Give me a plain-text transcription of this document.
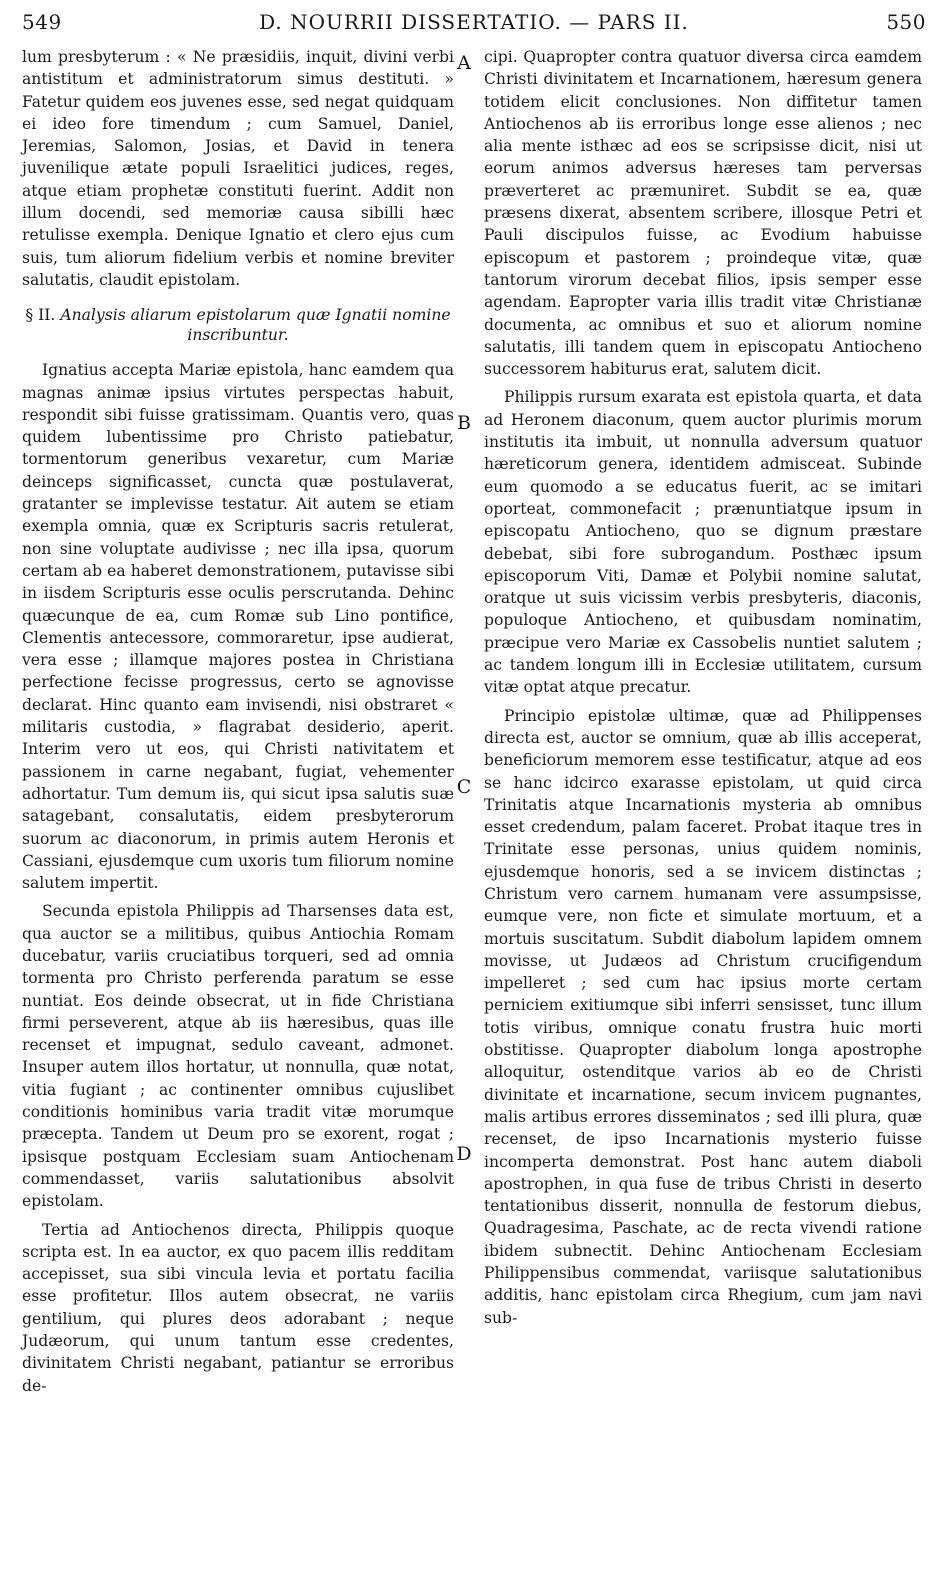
549	D. NOURRII DISSERTATIO. — PARS II.	550
A
B
C
D

lum presbyterum : « Ne præsidiis, inquit, divini verbi antistitum et administratorum simus destituti. » Fatetur quidem eos juvenes esse, sed negat quidquam ei ideo fore timendum ; cum Samuel, Daniel, Jeremias, Salomon, Josias, et David in tenera juvenilique ætate populi Israelitici judices, reges, atque etiam prophetæ constituti fuerint. Addit non illum docendi, sed memoriæ causa sibilli hæc retulisse exempla. Denique Ignatio et clero ejus cum suis, tum aliorum fidelium verbis et nomine breviter salutatis, claudit epistolam.

§ II. Analysis aliarum epistolarum quæ Ignatii nomine inscribuntur.

Ignatius accepta Mariæ epistola, hanc eamdem qua magnas animæ ipsius virtutes perspectas habuit, respondit sibi fuisse gratissimam. Quantis vero, quas quidem lubentissime pro Christo patiebatur, tormentorum generibus vexaretur, cum Mariæ deinceps significasset, cuncta quæ postulaverat, gratanter se implevisse testatur. Ait autem se etiam exempla omnia, quæ ex Scripturis sacris retulerat, non sine voluptate audivisse ; nec illa ipsa, quorum certam ab ea haberet demonstrationem, putavisse sibi in iisdem Scripturis esse oculis perscrutanda. Dehinc quæcunque de ea, cum Romæ sub Lino pontifice, Clementis antecessore, commoraretur, ipse audierat, vera esse ; illamque majores postea in Christiana perfectione fecisse progressus, certo se agnovisse declarat. Hinc quanto eam invisendi, nisi obstraret « militaris custodia, » flagrabat desiderio, aperit. Interim vero ut eos, qui Christi nativitatem et passionem in carne negabant, fugiat, vehementer adhortatur. Tum demum iis, qui sicut ipsa salutis suæ satagebant, consalutatis, eidem presbyterorum suorum ac diaconorum, in primis autem Heronis et Cassiani, ejusdemque cum uxoris tum filiorum nomine salutem impertit.

Secunda epistola Philippis ad Tharsenses data est, qua auctor se a militibus, quibus Antiochia Romam ducebatur, variis cruciatibus torqueri, sed ad omnia tormenta pro Christo perferenda paratum se esse nuntiat. Eos deinde obsecrat, ut in fide Christiana firmi perseverent, atque ab iis hæresibus, quas ille recenset et impugnat, sedulo caveant, admonet. Insuper autem illos hortatur, ut nonnulla, quæ notat, vitia fugiant ; ac continenter omnibus cujuslibet conditionis hominibus varia tradit vitæ morumque præcepta. Tandem ut Deum pro se exorent, rogat ; ipsisque postquam Ecclesiam suam Antiochenam commendasset, variis salutationibus absolvit epistolam.

Tertia ad Antiochenos directa, Philippis quoque scripta est. In ea auctor, ex quo pacem illis redditam accepisset, sua sibi vincula levia et portatu facilia esse profitetur. Illos autem obsecrat, ne variis gentilium, qui plures deos adorabant ; neque Judæorum, qui unum tantum esse credentes, divinitatem Christi negabant, patiantur se erroribus de-

cipi. Quapropter contra quatuor diversa circa eamdem Christi divinitatem et Incarnationem, hæresum genera totidem elicit conclusiones. Non diffitetur tamen Antiochenos ab iis erroribus longe esse alienos ; nec alia mente isthæc ad eos se scripsisse dicit, nisi ut eorum animos adversus hæreses tam perversas præverteret ac præmuniret. Subdit se ea, quæ præsens dixerat, absentem scribere, illosque Petri et Pauli discipulos fuisse, ac Evodium habuisse episcopum et pastorem ; proindeque vitæ, quæ tantorum virorum decebat filios, ipsis semper esse agendam. Eapropter varia illis tradit vitæ Christianæ documenta, ac omnibus et suo et aliorum nomine salutatis, illi tandem quem in episcopatu Antiocheno successorem habiturus erat, salutem dicit.

Philippis rursum exarata est epistola quarta, et data ad Heronem diaconum, quem auctor plurimis morum institutis ita imbuit, ut nonnulla adversum quatuor hæreticorum genera, identidem admisceat. Subinde eum quomodo a se educatus fuerit, ac se imitari oporteat, commonefacit ; prænuntiatque ipsum in episcopatu Antiocheno, quo se dignum præstare debebat, sibi fore subrogandum. Posthæc ipsum episcoporum Viti, Damæ et Polybii nomine salutat, oratque ut suis vicissim verbis presbyteris, diaconis, populoque Antiocheno, et quibusdam nominatim, præcipue vero Mariæ ex Cassobelis nuntiet salutem ; ac tandem longum illi in Ecclesiæ utilitatem, cursum vitæ optat atque precatur.

Principio epistolæ ultimæ, quæ ad Philippenses directa est, auctor se omnium, quæ ab illis acceperat, beneficiorum memorem esse testificatur, atque ad eos se hanc idcirco exarasse epistolam, ut quid circa Trinitatis atque Incarnationis mysteria ab omnibus esset credendum, palam faceret. Probat itaque tres in Trinitate esse personas, unius quidem nominis, ejusdemque honoris, sed a se invicem distinctas ; Christum vero carnem humanam vere assumpsisse, eumque vere, non ficte et simulate mortuum, et a mortuis suscitatum. Subdit diabolum lapidem omnem movisse, ut Judæos ad Christum crucifigendum impelleret ; sed cum hac ipsius morte certam perniciem exitiumque sibi inferri sensisset, tunc illum totis viribus, omnique conatu frustra huic morti obstitisse. Quapropter diabolum longa apostrophe alloquitur, ostenditque varios ab eo de Christi divinitate et incarnatione, secum invicem pugnantes, malis artibus errores disseminatos ; sed illi plura, quæ recenset, de ipso Incarnationis mysterio fuisse incomperta demonstrat. Post hanc autem diaboli apostrophen, in qua fuse de tribus Christi in deserto tentationibus disserit, nonnulla de festorum diebus, Quadragesima, Paschate, ac de recta vivendi ratione ibidem subnectit. Dehinc Antiochenam Ecclesiam Philippensibus commendat, variisque salutationibus additis, hanc epistolam circa Rhegium, cum jam navi sub-
